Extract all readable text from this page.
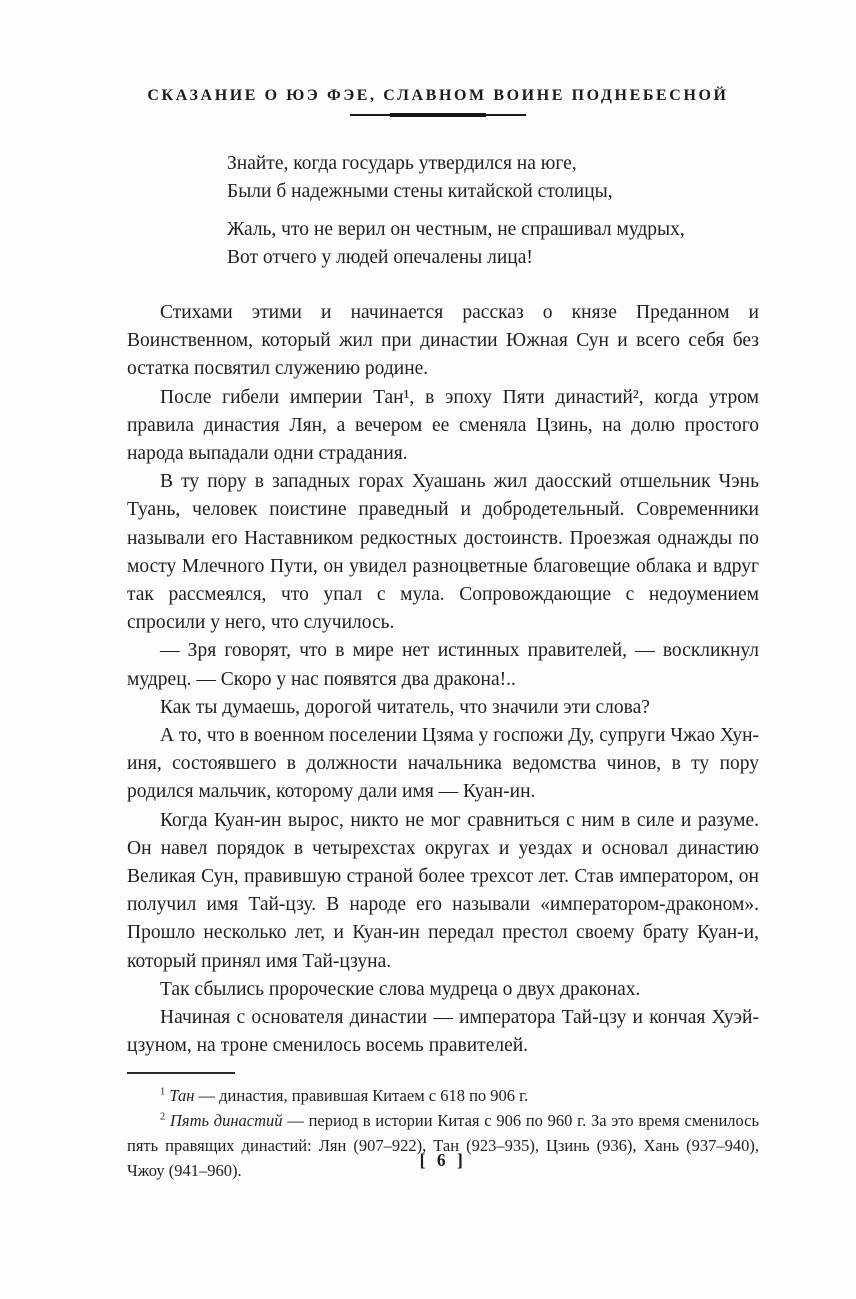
СКАЗАНИЕ О ЮЭ ФЭЕ, СЛАВНОМ ВОИНЕ ПОДНЕБЕСНОЙ
Знайте, когда государь утвердился на юге,
Были б надежными стены китайской столицы,
Жаль, что не верил он честным, не спрашивал мудрых,
Вот отчего у людей опечалены лица!

Стихами этими и начинается рассказ о князе Преданном и Воинственном, который жил при династии Южная Сун и всего себя без остатка посвятил служению родине.

После гибели империи Тан¹, в эпоху Пяти династий², когда утром правила династия Лян, а вечером ее сменяла Цзинь, на долю простого народа выпадали одни страдания.

В ту пору в западных горах Хуашань жил даосский отшельник Чэнь Туань, человек поистине праведный и добродетельный. Современники называли его Наставником редкостных достоинств. Проезжая однажды по мосту Млечного Пути, он увидел разноцветные благовещие облака и вдруг так рассмеялся, что упал с мула. Сопровождающие с недоумением спросили у него, что случилось.

— Зря говорят, что в мире нет истинных правителей, — воскликнул мудрец. — Скоро у нас появятся два дракона!..

Как ты думаешь, дорогой читатель, что значили эти слова?

А то, что в военном поселении Цзяма у госпожи Ду, супруги Чжао Хун-иня, состоявшего в должности начальника ведомства чинов, в ту пору родился мальчик, которому дали имя — Куан-ин.

Когда Куан-ин вырос, никто не мог сравниться с ним в силе и разуме. Он навел порядок в четырехстах округах и уездах и основал династию Великая Сун, правившую страной более трехсот лет. Став императором, он получил имя Тай-цзу. В народе его называли «императором-драконом». Прошло несколько лет, и Куан-ин передал престол своему брату Куан-и, который принял имя Тай-цзуна.

Так сбылись пророческие слова мудреца о двух драконах.

Начиная с основателя династии — императора Тай-цзу и кончая Хуэй-цзуном, на троне сменилось восемь правителей.

$^1$ Тан — династия, правившая Китаем с 618 по 906 г.

$^2$ Пять династий — период в истории Китая с 906 по 960 г. За это время сменилось пять правящих династий: Лян (907–922), Тан (923–935), Цзинь (936), Хань (937–940), Чжоу (941–960).

[ 6 ]
